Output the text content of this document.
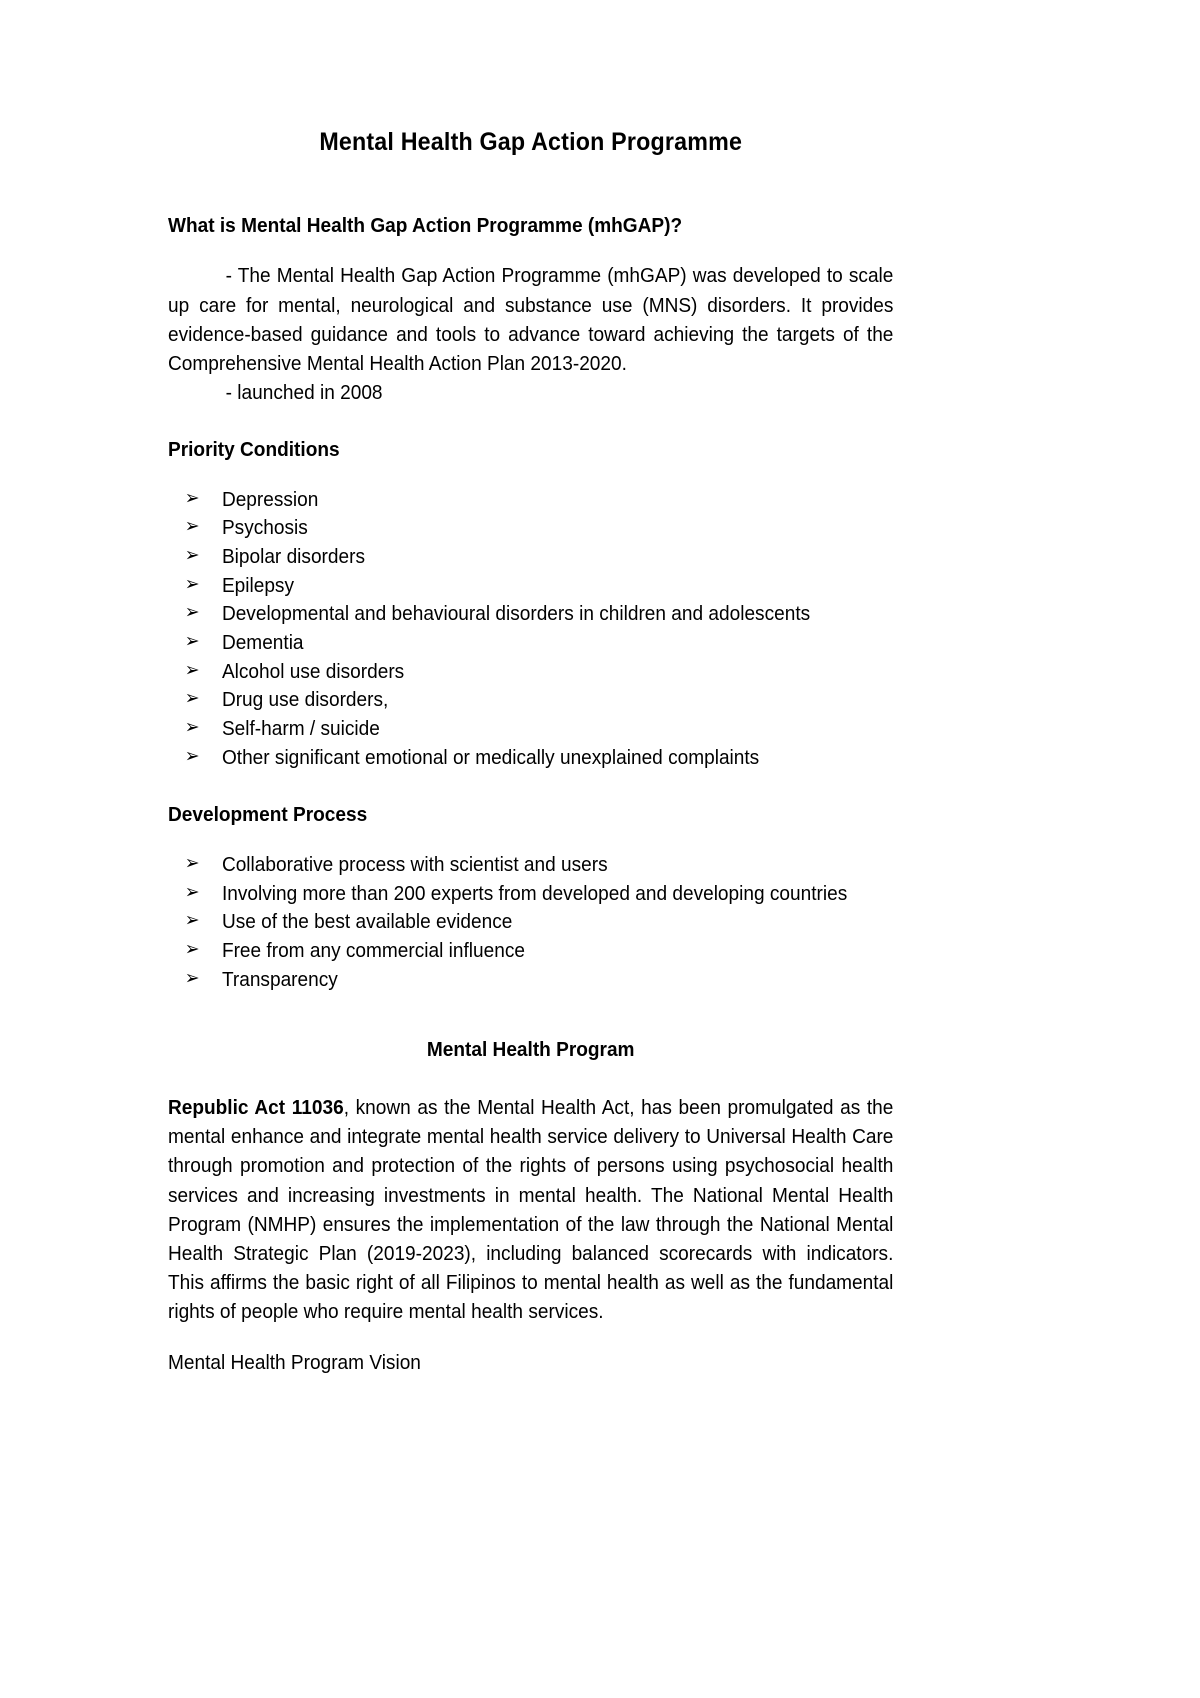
Mental Health Gap Action Programme

What is Mental Health Gap Action Programme (mhGAP)?

- The Mental Health Gap Action Programme (mhGAP) was developed to scale up care for mental, neurological and substance use (MNS) disorders. It provides evidence-based guidance and tools to advance toward achieving the targets of the Comprehensive Mental Health Action Plan 2013-2020.

- launched in 2008

Priority Conditions

➢ Depression
➢ Psychosis
➢ Bipolar disorders
➢ Epilepsy
➢ Developmental and behavioural disorders in children and adolescents
➢ Dementia
➢ Alcohol use disorders
➢ Drug use disorders,
➢ Self-harm / suicide
➢ Other significant emotional or medically unexplained complaints

Development Process

➢ Collaborative process with scientist and users
➢ Involving more than 200 experts from developed and developing countries
➢ Use of the best available evidence
➢ Free from any commercial influence
➢ Transparency

Mental Health Program

Republic Act 11036, known as the Mental Health Act, has been promulgated as the mental enhance and integrate mental health service delivery to Universal Health Care through promotion and protection of the rights of persons using psychosocial health services and increasing investments in mental health. The National Mental Health Program (NMHP) ensures the implementation of the law through the National Mental Health Strategic Plan (2019-2023), including balanced scorecards with indicators. This affirms the basic right of all Filipinos to mental health as well as the fundamental rights of people who require mental health services.

Mental Health Program Vision
